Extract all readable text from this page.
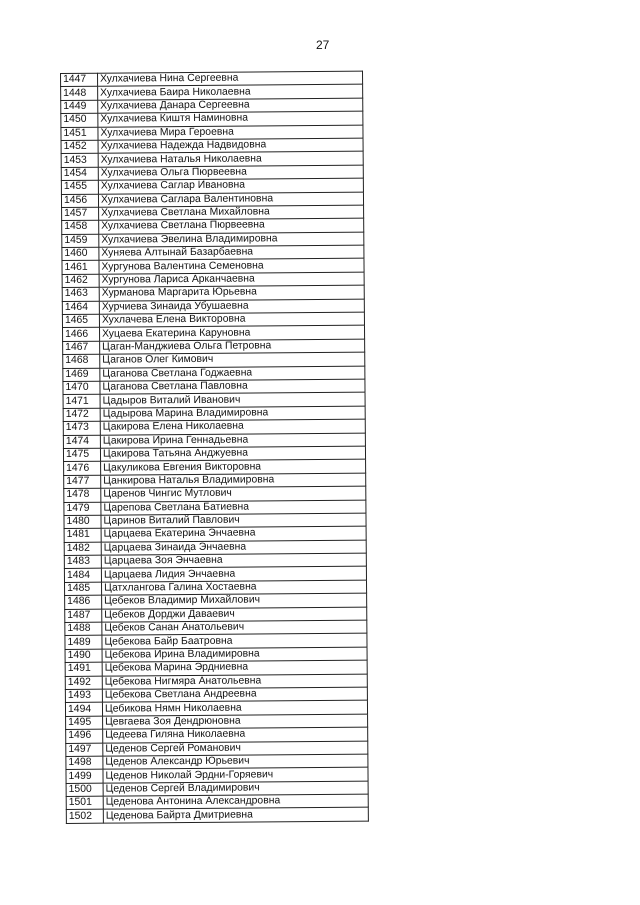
27
1447	Хулхачиева Нина Сергеевна
1448	Хулхачиева Баира Николаевна
1449	Хулхачиева Данара Сергеевна
1450	Хулхачиева Киштя Наминовна
1451	Хулхачиева Мира Героевна
1452	Хулхачиева Надежда Надвидовна
1453	Хулхачиева Наталья Николаевна
1454	Хулхачиева Ольга Пюрвеевна
1455	Хулхачиева Саглар Ивановна
1456	Хулхачиева Саглара Валентиновна
1457	Хулхачиева Светлана Михайловна
1458	Хулхачиева Светлана Пюрвеевна
1459	Хулхачиева Эвелина Владимировна
1460	Хуняева Алтынай Базарбаевна
1461	Хургунова Валентина Семеновна
1462	Хургунова Лариса Арканчаевна
1463	Хурманова Маргарита Юрьевна
1464	Хурчиева Зинаида Убушаевна
1465	Хухлачева Елена Викторовна
1466	Хуцаева Екатерина Каруновна
1467	Цаган-Манджиева Ольга Петровна
1468	Цаганов Олег Кимович
1469	Цаганова Светлана Годжаевна
1470	Цаганова Светлана Павловна
1471	Цадыров Виталий Иванович
1472	Цадырова Марина Владимировна
1473	Цакирова Елена Николаевна
1474	Цакирова Ирина Геннадьевна
1475	Цакирова Татьяна Анджуевна
1476	Цакуликова Евгения Викторовна
1477	Цанкирова Наталья Владимировна
1478	Царенов Чингис Мутлович
1479	Царепова Светлана Батиевна
1480	Царинов Виталий Павлович
1481	Царцаева Екатерина Энчаевна
1482	Царцаева Зинаида Энчаевна
1483	Царцаева Зоя Энчаевна
1484	Царцаева Лидия Энчаевна
1485	Цатхлангова Галина Хостаевна
1486	Цебеков Владимир Михайлович
1487	Цебеков Дорджи Даваевич
1488	Цебеков Санан Анатольевич
1489	Цебекова Байр Баатровна
1490	Цебекова Ирина Владимировна
1491	Цебекова Марина Эрдниевна
1492	Цебекова Нигмяра Анатольевна
1493	Цебекова Светлана Андреевна
1494	Цебикова Нямн Николаевна
1495	Цевгаева Зоя Дендрюновна
1496	Цедеева Гиляна Николаевна
1497	Цеденов Сергей Романович
1498	Цеденов Александр Юрьевич
1499	Цеденов Николай Эрдни-Горяевич
1500	Цеденов Сергей Владимирович
1501	Цеденова Антонина Александровна
1502	Цеденова Байрта Дмитриевна
